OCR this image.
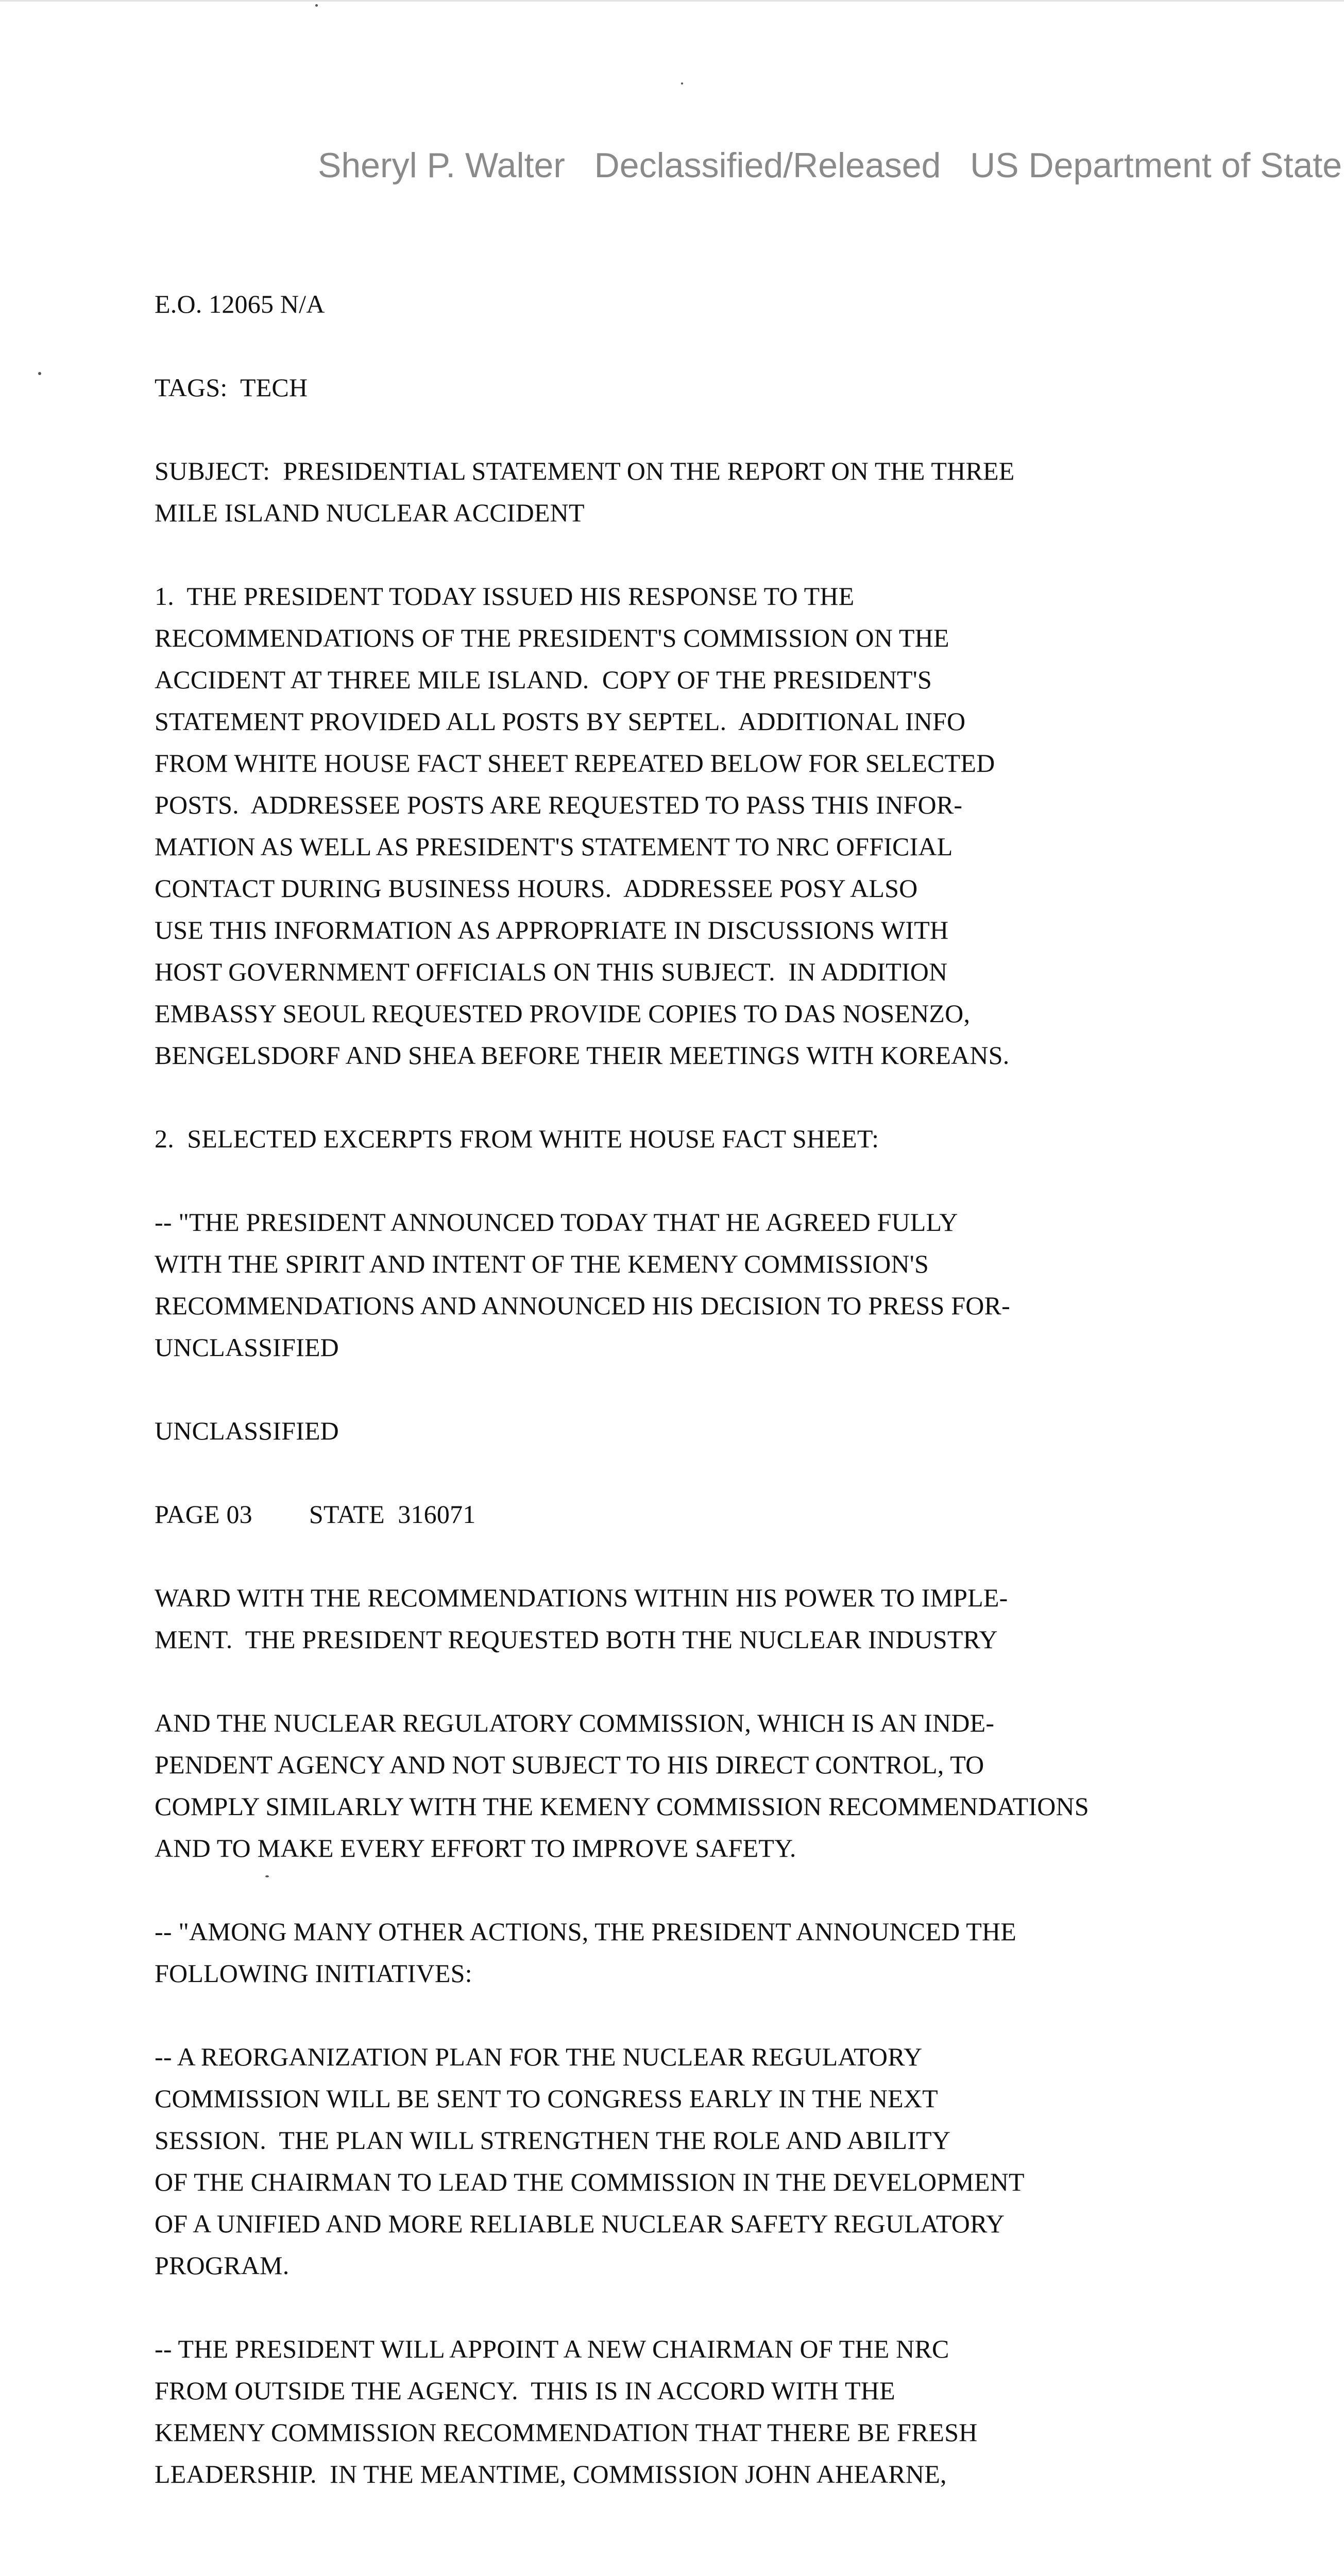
Sheryl P. Walter Declassified/Released US Department of State
E.O. 12065 N/A
TAGS:  TECH
SUBJECT:  PRESIDENTIAL STATEMENT ON THE REPORT ON THE THREE
MILE ISLAND NUCLEAR ACCIDENT
1.  THE PRESIDENT TODAY ISSUED HIS RESPONSE TO THE
RECOMMENDATIONS OF THE PRESIDENT'S COMMISSION ON THE
ACCIDENT AT THREE MILE ISLAND.  COPY OF THE PRESIDENT'S
STATEMENT PROVIDED ALL POSTS BY SEPTEL.  ADDITIONAL INFO
FROM WHITE HOUSE FACT SHEET REPEATED BELOW FOR SELECTED
POSTS.  ADDRESSEE POSTS ARE REQUESTED TO PASS THIS INFOR-
MATION AS WELL AS PRESIDENT'S STATEMENT TO NRC OFFICIAL
CONTACT DURING BUSINESS HOURS.  ADDRESSEE POSY ALSO
USE THIS INFORMATION AS APPROPRIATE IN DISCUSSIONS WITH
HOST GOVERNMENT OFFICIALS ON THIS SUBJECT.  IN ADDITION
EMBASSY SEOUL REQUESTED PROVIDE COPIES TO DAS NOSENZO,
BENGELSDORF AND SHEA BEFORE THEIR MEETINGS WITH KOREANS.
2.  SELECTED EXCERPTS FROM WHITE HOUSE FACT SHEET:
-- "THE PRESIDENT ANNOUNCED TODAY THAT HE AGREED FULLY
WITH THE SPIRIT AND INTENT OF THE KEMENY COMMISSION'S
RECOMMENDATIONS AND ANNOUNCED HIS DECISION TO PRESS FOR-
UNCLASSIFIED
UNCLASSIFIED
PAGE 03 STATE  316071
WARD WITH THE RECOMMENDATIONS WITHIN HIS POWER TO IMPLE-
MENT.  THE PRESIDENT REQUESTED BOTH THE NUCLEAR INDUSTRY
AND THE NUCLEAR REGULATORY COMMISSION, WHICH IS AN INDE-
PENDENT AGENCY AND NOT SUBJECT TO HIS DIRECT CONTROL, TO
COMPLY SIMILARLY WITH THE KEMENY COMMISSION RECOMMENDATIONS
AND TO MAKE EVERY EFFORT TO IMPROVE SAFETY.
-- "AMONG MANY OTHER ACTIONS, THE PRESIDENT ANNOUNCED THE
FOLLOWING INITIATIVES:
-- A REORGANIZATION PLAN FOR THE NUCLEAR REGULATORY
COMMISSION WILL BE SENT TO CONGRESS EARLY IN THE NEXT
SESSION.  THE PLAN WILL STRENGTHEN THE ROLE AND ABILITY
OF THE CHAIRMAN TO LEAD THE COMMISSION IN THE DEVELOPMENT
OF A UNIFIED AND MORE RELIABLE NUCLEAR SAFETY REGULATORY
PROGRAM.
-- THE PRESIDENT WILL APPOINT A NEW CHAIRMAN OF THE NRC
FROM OUTSIDE THE AGENCY.  THIS IS IN ACCORD WITH THE
KEMENY COMMISSION RECOMMENDATION THAT THERE BE FRESH
LEADERSHIP.  IN THE MEANTIME, COMMISSION JOHN AHEARNE,
